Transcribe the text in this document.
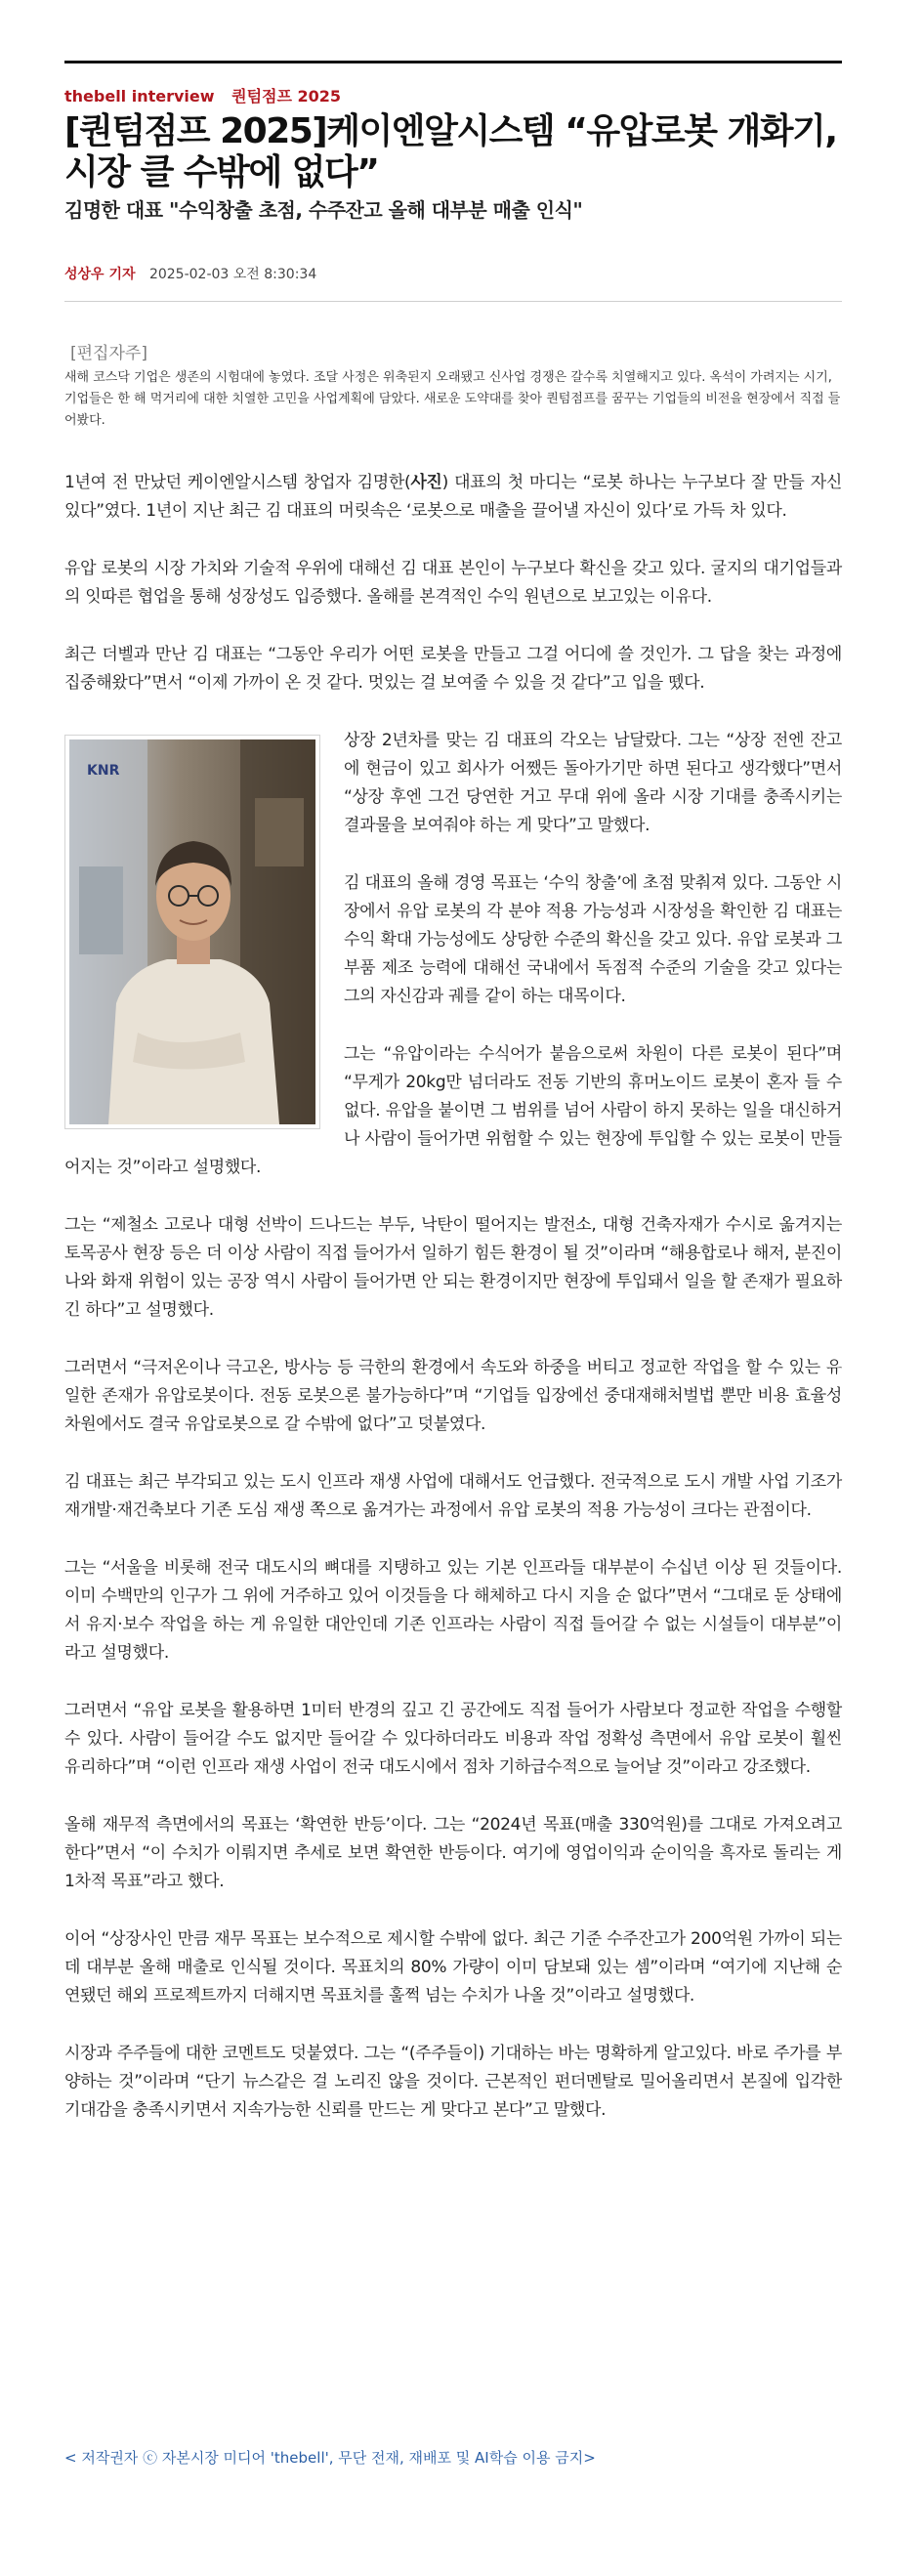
thebell interview 퀀텀점프 2025
[퀀텀점프 2025]케이엔알시스템 “유압로봇 개화기, 시장 클 수밖에 없다”
김명한 대표 "수익창출 초점, 수주잔고 올해 대부분 매출 인식"
성상우 기자 2025-02-03 오전 8:30:34
[편집자주]

새해 코스닥 기업은 생존의 시험대에 놓였다. 조달 사정은 위축된지 오래됐고 신사업 경쟁은 갈수록 치열해지고 있다. 옥석이 가려지는 시기, 기업들은 한 해 먹거리에 대한 치열한 고민을 사업계획에 담았다. 새로운 도약대를 찾아 퀀텀점프를 꿈꾸는 기업들의 비전을 현장에서 직접 들어봤다.

1년여 전 만났던 케이엔알시스템 창업자 김명한(사진) 대표의 첫 마디는 “로봇 하나는 누구보다 잘 만들 자신 있다”였다. 1년이 지난 최근 김 대표의 머릿속은 ‘로봇으로 매출을 끌어낼 자신이 있다’로 가득 차 있다.

유압 로봇의 시장 가치와 기술적 우위에 대해선 김 대표 본인이 누구보다 확신을 갖고 있다. 굴지의 대기업들과의 잇따른 협업을 통해 성장성도 입증했다. 올해를 본격적인 수익 원년으로 보고있는 이유다.

최근 더벨과 만난 김 대표는 “그동안 우리가 어떤 로봇을 만들고 그걸 어디에 쓸 것인가. 그 답을 찾는 과정에 집중해왔다”면서 “이제 가까이 온 것 같다. 멋있는 걸 보여줄 수 있을 것 같다”고 입을 뗐다.

KNR

상장 2년차를 맞는 김 대표의 각오는 남달랐다. 그는 “상장 전엔 잔고에 현금이 있고 회사가 어쨌든 돌아가기만 하면 된다고 생각했다”면서 “상장 후엔 그건 당연한 거고 무대 위에 올라 시장 기대를 충족시키는 결과물을 보여줘야 하는 게 맞다”고 말했다.

김 대표의 올해 경영 목표는 ‘수익 창출’에 초점 맞춰져 있다. 그동안 시장에서 유압 로봇의 각 분야 적용 가능성과 시장성을 확인한 김 대표는 수익 확대 가능성에도 상당한 수준의 확신을 갖고 있다. 유압 로봇과 그 부품 제조 능력에 대해선 국내에서 독점적 수준의 기술을 갖고 있다는 그의 자신감과 궤를 같이 하는 대목이다.

그는 “유압이라는 수식어가 붙음으로써 차원이 다른 로봇이 된다”며 “무게가 20kg만 넘더라도 전동 기반의 휴머노이드 로봇이 혼자 들 수 없다. 유압을 붙이면 그 범위를 넘어 사람이 하지 못하는 일을 대신하거나 사람이 들어가면 위험할 수 있는 현장에 투입할 수 있는 로봇이 만들어지는 것”이라고 설명했다.

그는 “제철소 고로나 대형 선박이 드나드는 부두, 낙탄이 떨어지는 발전소, 대형 건축자재가 수시로 옮겨지는 토목공사 현장 등은 더 이상 사람이 직접 들어가서 일하기 힘든 환경이 될 것”이라며 “해용합로나 해저, 분진이 나와 화재 위험이 있는 공장 역시 사람이 들어가면 안 되는 환경이지만 현장에 투입돼서 일을 할 존재가 필요하긴 하다”고 설명했다.

그러면서 “극저온이나 극고온, 방사능 등 극한의 환경에서 속도와 하중을 버티고 정교한 작업을 할 수 있는 유일한 존재가 유압로봇이다. 전동 로봇으론 불가능하다”며 “기업들 입장에선 중대재해처벌법 뿐만 비용 효율성 차원에서도 결국 유압로봇으로 갈 수밖에 없다”고 덧붙였다.

김 대표는 최근 부각되고 있는 도시 인프라 재생 사업에 대해서도 언급했다. 전국적으로 도시 개발 사업 기조가 재개발·재건축보다 기존 도심 재생 쪽으로 옮겨가는 과정에서 유압 로봇의 적용 가능성이 크다는 관점이다.

그는 “서울을 비롯해 전국 대도시의 뼈대를 지탱하고 있는 기본 인프라들 대부분이 수십년 이상 된 것들이다. 이미 수백만의 인구가 그 위에 거주하고 있어 이것들을 다 해체하고 다시 지을 순 없다”면서 “그대로 둔 상태에서 유지·보수 작업을 하는 게 유일한 대안인데 기존 인프라는 사람이 직접 들어갈 수 없는 시설들이 대부분”이라고 설명했다.

그러면서 “유압 로봇을 활용하면 1미터 반경의 깊고 긴 공간에도 직접 들어가 사람보다 정교한 작업을 수행할 수 있다. 사람이 들어갈 수도 없지만 들어갈 수 있다하더라도 비용과 작업 정확성 측면에서 유압 로봇이 훨씬 유리하다”며 “이런 인프라 재생 사업이 전국 대도시에서 점차 기하급수적으로 늘어날 것”이라고 강조했다.

올해 재무적 측면에서의 목표는 ‘확연한 반등’이다. 그는 “2024년 목표(매출 330억원)를 그대로 가져오려고 한다”면서 “이 수치가 이뤄지면 추세로 보면 확연한 반등이다. 여기에 영업이익과 순이익을 흑자로 돌리는 게 1차적 목표”라고 했다.

이어 “상장사인 만큼 재무 목표는 보수적으로 제시할 수밖에 없다. 최근 기준 수주잔고가 200억원 가까이 되는 데 대부분 올해 매출로 인식될 것이다. 목표치의 80% 가량이 이미 담보돼 있는 셈”이라며 “여기에 지난해 순연됐던 해외 프로젝트까지 더해지면 목표치를 훌쩍 넘는 수치가 나올 것”이라고 설명했다.

시장과 주주들에 대한 코멘트도 덧붙였다. 그는 “(주주들이) 기대하는 바는 명확하게 알고있다. 바로 주가를 부양하는 것”이라며 “단기 뉴스같은 걸 노리진 않을 것이다. 근본적인 펀더멘탈로 밀어올리면서 본질에 입각한 기대감을 충족시키면서 지속가능한 신뢰를 만드는 게 맞다고 본다”고 말했다.

< 저작권자 ⓒ 자본시장 미디어 'thebell', 무단 전재, 재배포 및 AI학습 이용 금지>
